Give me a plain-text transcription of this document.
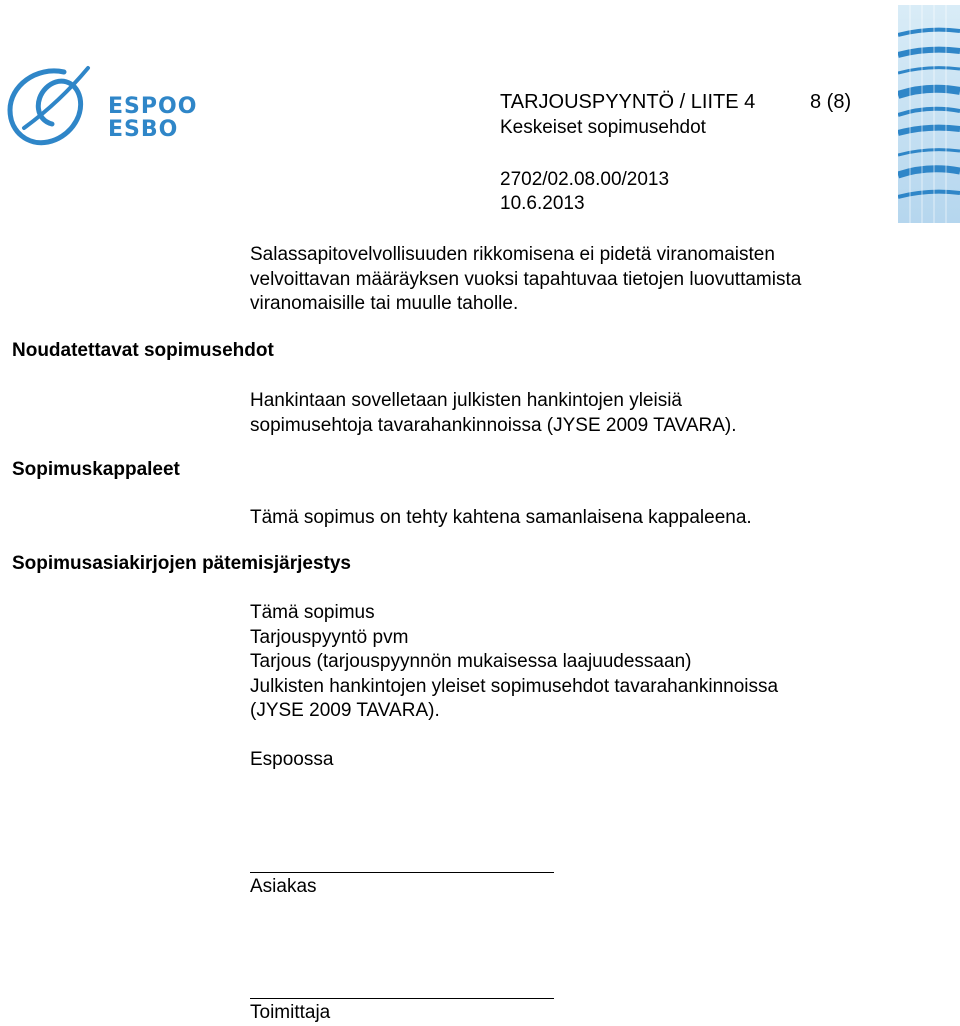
ESPOO
ESBO
TARJOUSPYYNTÖ / LIITE 4	8 (8)
Keskeiset sopimusehdot
2702/02.08.00/2013
10.6.2013

Salassapitovelvollisuuden rikkomisena ei pidetä viranomaisten

velvoittavan määräyksen vuoksi tapahtuvaa tietojen luovuttamista

viranomaisille tai muulle taholle.

Noudatettavat sopimusehdot

Hankintaan sovelletaan julkisten hankintojen yleisiä

sopimusehtoja tavarahankinnoissa (JYSE 2009 TAVARA).

Sopimuskappaleet

Tämä sopimus on tehty kahtena samanlaisena kappaleena.

Sopimusasiakirjojen pätemisjärjestys

Tämä sopimus

Tarjouspyyntö pvm

Tarjous (tarjouspyynnön mukaisessa laajuudessaan)

Julkisten hankintojen yleiset sopimusehdot tavarahankinnoissa

(JYSE 2009 TAVARA).

Espoossa
Asiakas
Toimittaja
